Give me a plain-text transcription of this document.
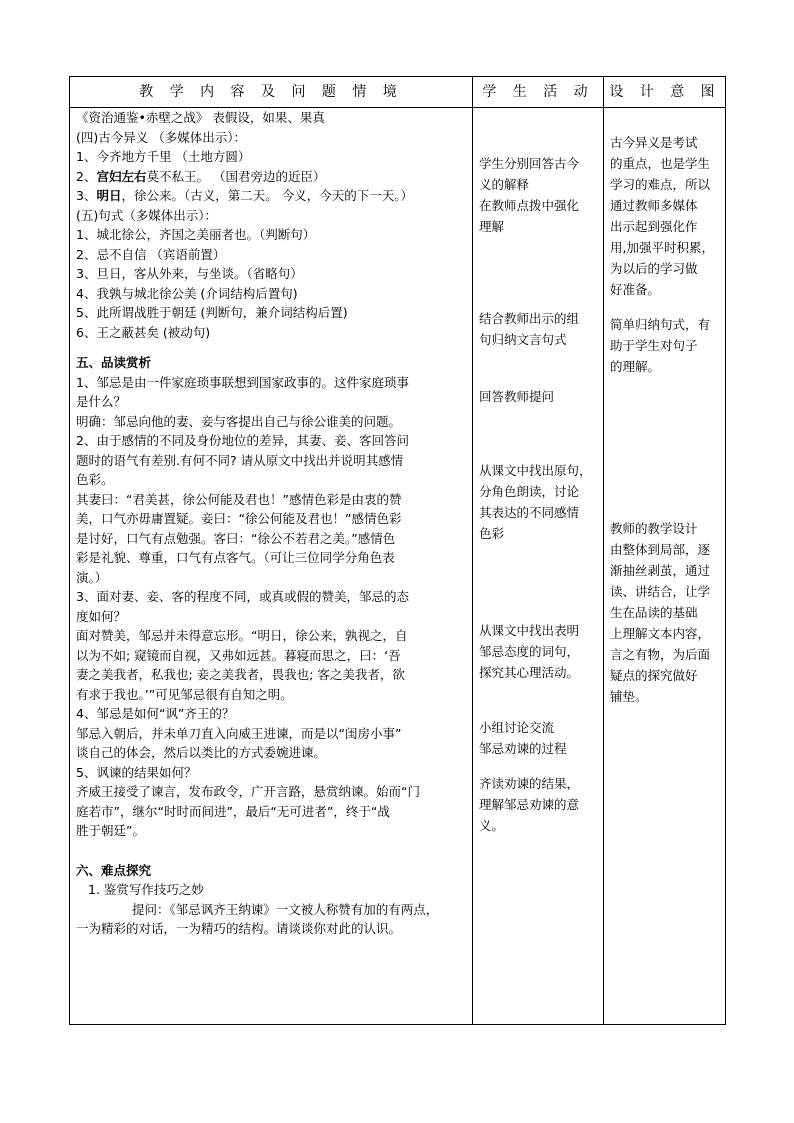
教 学 内 容 及 问 题 情 境	学 生 活 动	设 计 意 图
《资治通鉴•赤壁之战》 表假设，如果、果真
(四)古今异义 （多媒体出示）：
1、今齐地方千里 （土地方圆）
2、宫妇左右莫不私王。 （国君旁边的近臣）
3、明日，徐公来。（古义，第二天。 今义，今天的下一天。）
(五)句式（多媒体出示）：
1、城北徐公，齐国之美丽者也。（判断句）
2、忌不自信 （宾语前置）
3、旦日，客从外来，与坐谈。（省略句）
4、我孰与城北徐公美 (介词结构后置句)
5、此所谓战胜于朝廷 (判断句，兼介词结构后置)
6、王之蔽甚矣 (被动句)
五、品读赏析
1、邹忌是由一件家庭琐事联想到国家政事的。这件家庭琐事
是什么？
明确：邹忌向他的妻、妾与客提出自己与徐公谁美的问题。
2、由于感情的不同及身份地位的差异，其妻、妾、客回答问
题时的语气有差别.有何不同? 请从原文中找出并说明其感情
色彩。
其妻曰：“君美甚，徐公何能及君也！”感情色彩是由衷的赞
美，口气亦毋庸置疑。妾曰：“徐公何能及君也！”感情色彩
是讨好，口气有点勉强。客曰：“徐公不若君之美。”感情色
彩是礼貌、尊重，口气有点客气。（可让三位同学分角色表
演。）
3、面对妻、妾、客的程度不同，或真或假的赞美，邹忌的态
度如何？
面对赞美，邹忌并未得意忘形。“明日，徐公来，孰视之，自
以为不如; 窥镜而自视，又弗如远甚。暮寝而思之，曰：‘吾
妻之美我者，私我也; 妾之美我者，畏我也; 客之美我者，欲
有求于我也。’”可见邹忌很有自知之明。
4、邹忌是如何“讽”齐王的？
邹忌入朝后，并未单刀直入向威王进谏，而是以“闺房小事”
谈自己的体会，然后以类比的方式委婉进谏。
5、讽谏的结果如何？
齐威王接受了谏言，发布政令，广开言路，悬赏纳谏。始而“门
庭若市”，继尔“时时而间进”，最后“无可进者”，终于“战
胜于朝廷”。
六、难点探究
1. 鉴赏写作技巧之妙
提问：《邹忌讽齐王纳谏》一文被人称赞有加的有两点，
一为精彩的对话，一为精巧的结构。请谈谈你对此的认识。
学生分别回答古今
义的解释
在教师点拨中强化
理解
结合教师出示的组
句归纳文言句式
回答教师提问
从课文中找出原句，
分角色朗读，讨论
其表达的不同感情
色彩
从课文中找出表明
邹忌态度的词句，
探究其心理活动。
小组讨论交流
邹忌劝谏的过程
齐读劝谏的结果，
理解邹忌劝谏的意
义。
古今异义是考试
的重点，也是学生
学习的难点，所以
通过教师多媒体
出示起到强化作
用,加强平时积累，
为以后的学习做
好准备。
简单归纳句式，有
助于学生对句子
的理解。
教师的教学设计
由整体到局部，逐
渐抽丝剥茧，通过
读、讲结合，让学
生在品读的基础
上理解文本内容，
言之有物，为后面
疑点的探究做好
铺垫。
